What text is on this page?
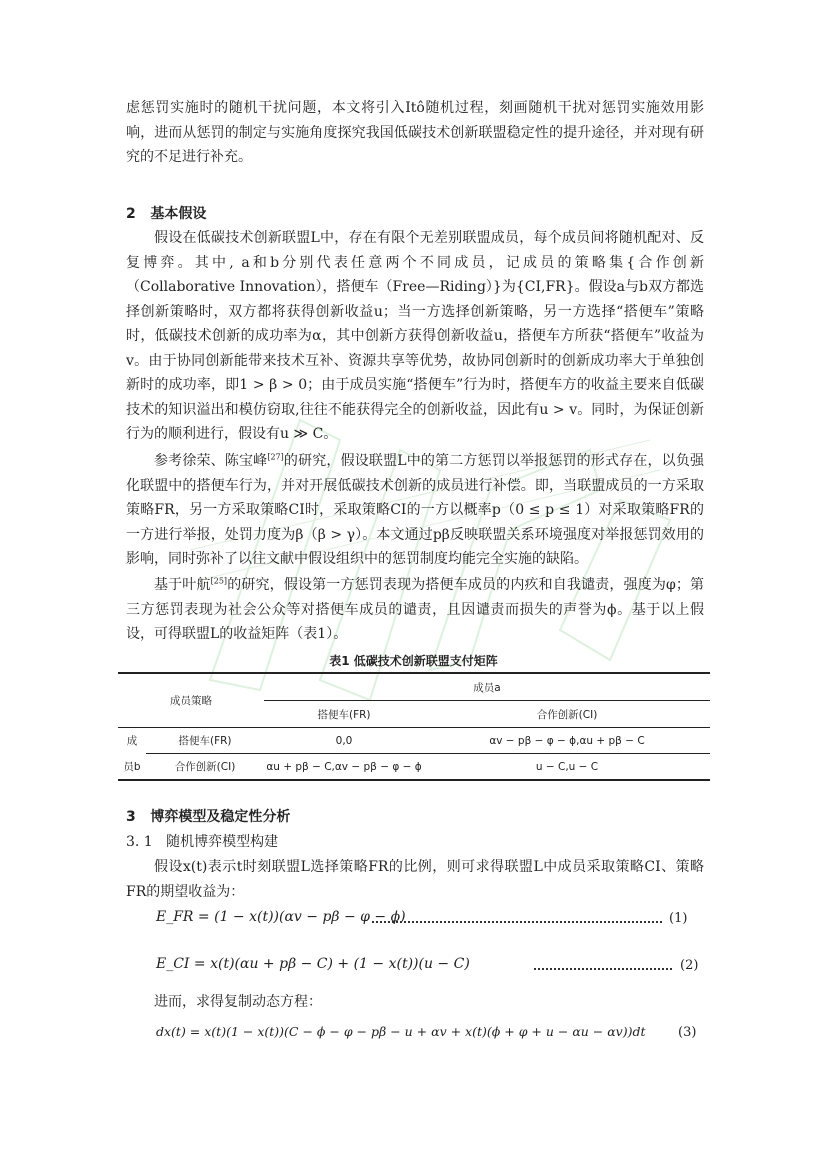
虑惩罚实施时的随机干扰问题，本文将引入Itô随机过程，刻画随机干扰对惩罚实施效用影响，进而从惩罚的制定与实施角度探究我国低碳技术创新联盟稳定性的提升途径，并对现有研究的不足进行补充。

2 基本假设

假设在低碳技术创新联盟L中，存在有限个无差别联盟成员，每个成员间将随机配对、反复博弈。其中, a和b分别代表任意两个不同成员，记成员的策略集{合作创新（Collaborative Innovation），搭便车（Free—Riding）}为{CI,FR}。假设a与b双方都选择创新策略时，双方都将获得创新收益u；当一方选择创新策略，另一方选择“搭便车”策略时，低碳技术创新的成功率为α，其中创新方获得创新收益u，搭便车方所获“搭便车”收益为v。由于协同创新能带来技术互补、资源共享等优势，故协同创新时的创新成功率大于单独创新时的成功率，即1 > β > 0；由于成员实施“搭便车”行为时，搭便车方的收益主要来自低碳技术的知识溢出和模仿窃取,往往不能获得完全的创新收益，因此有u > v。同时，为保证创新行为的顺利进行，假设有u ≫ C。

参考徐荣、陈宝峰[27]的研究，假设联盟L中的第二方惩罚以举报惩罚的形式存在，以负强化联盟中的搭便车行为，并对开展低碳技术创新的成员进行补偿。即，当联盟成员的一方采取策略FR，另一方采取策略CI时，采取策略CI的一方以概率p（0 ≤ p ≤ 1）对采取策略FR的一方进行举报，处罚力度为β（β > γ）。本文通过pβ反映联盟关系环境强度对举报惩罚效用的影响，同时弥补了以往文献中假设组织中的惩罚制度均能完全实施的缺陷。

基于叶航[25]的研究，假设第一方惩罚表现为搭便车成员的内疚和自我谴责，强度为φ；第三方惩罚表现为社会公众等对搭便车成员的谴责，且因谴责而损失的声誉为ϕ。基于以上假设，可得联盟L的收益矩阵（表1）。

表1 低碳技术创新联盟支付矩阵
成员策略		成员a	
		搭便车(FR)	合作创新(CI)
成	搭便车(FR)	0,0	αv − pβ − φ − ϕ,αu + pβ − C
员b	合作创新(CI)	αu + pβ − C,αv − pβ − φ − ϕ	u − C,u − C
3 博弈模型及稳定性分析
3. 1 随机博弈模型构建

假设x(t)表示t时刻联盟L选择策略FR的比例，则可求得联盟L中成员采取策略CI、策略FR的期望收益为：

E_FR = (1 − x(t))(αv − pβ − φ − ϕ)	(1)
E_CI = x(t)(αu + pβ − C) + (1 − x(t))(u − C)	(2)

进而，求得复制动态方程：

dx(t) = x(t)(1 − x(t))(C − ϕ − φ − pβ − u + αv + x(t)(ϕ + φ + u − αu − αv))dt (3)
